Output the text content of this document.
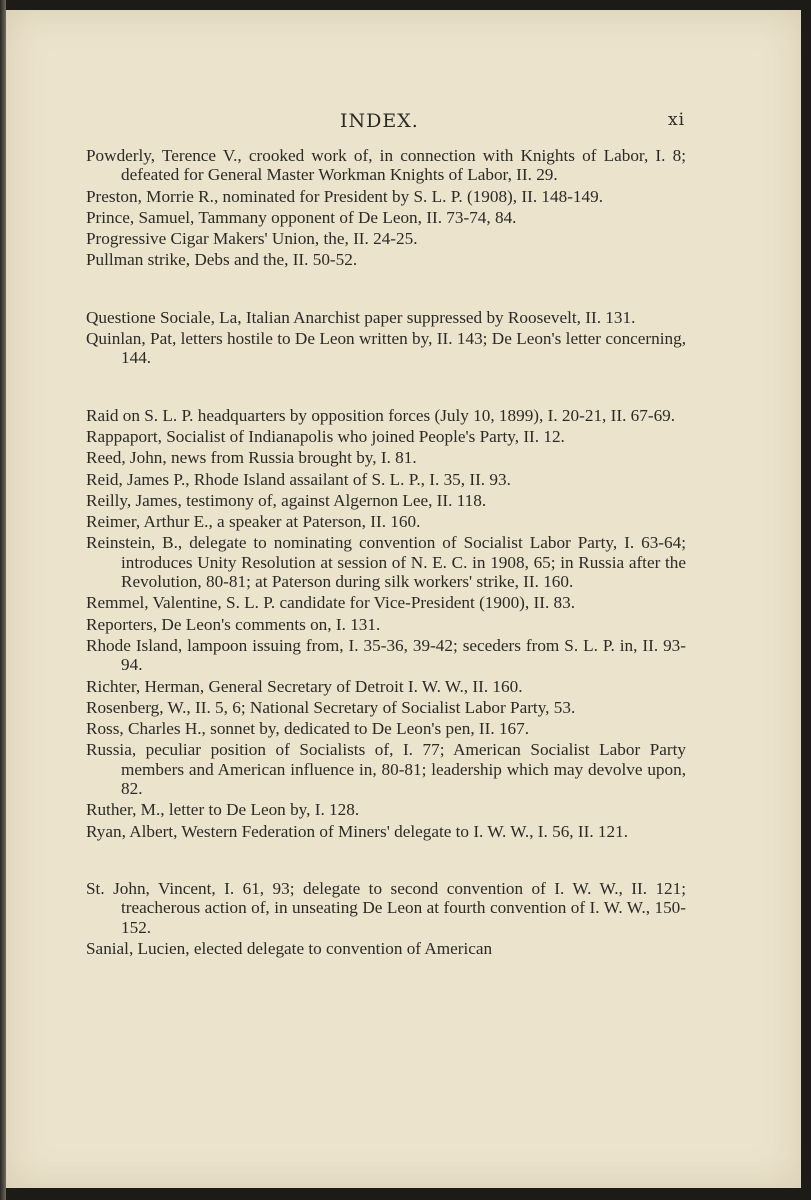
INDEX.	xi

Powderly, Terence V., crooked work of, in connection with Knights of Labor, I. 8; defeated for General Master Workman Knights of Labor, II. 29.

Preston, Morrie R., nominated for President by S. L. P. (1908), II. 148-149.

Prince, Samuel, Tammany opponent of De Leon, II. 73-74, 84.

Progressive Cigar Makers' Union, the, II. 24-25.

Pullman strike, Debs and the, II. 50-52.

Questione Sociale, La, Italian Anarchist paper suppressed by Roosevelt, II. 131.

Quinlan, Pat, letters hostile to De Leon written by, II. 143; De Leon's letter concerning, 144.

Raid on S. L. P. headquarters by opposition forces (July 10, 1899), I. 20-21, II. 67-69.

Rappaport, Socialist of Indianapolis who joined People's Party, II. 12.

Reed, John, news from Russia brought by, I. 81.

Reid, James P., Rhode Island assailant of S. L. P., I. 35, II. 93.

Reilly, James, testimony of, against Algernon Lee, II. 118.

Reimer, Arthur E., a speaker at Paterson, II. 160.

Reinstein, B., delegate to nominating convention of Socialist Labor Party, I. 63-64; introduces Unity Resolution at session of N. E. C. in 1908, 65; in Russia after the Revolution, 80-81; at Paterson during silk workers' strike, II. 160.

Remmel, Valentine, S. L. P. candidate for Vice-President (1900), II. 83.

Reporters, De Leon's comments on, I. 131.

Rhode Island, lampoon issuing from, I. 35-36, 39-42; seceders from S. L. P. in, II. 93-94.

Richter, Herman, General Secretary of Detroit I. W. W., II. 160.

Rosenberg, W., II. 5, 6; National Secretary of Socialist Labor Party, 53.

Ross, Charles H., sonnet by, dedicated to De Leon's pen, II. 167.

Russia, peculiar position of Socialists of, I. 77; American Socialist Labor Party members and American influence in, 80-81; leadership which may devolve upon, 82.

Ruther, M., letter to De Leon by, I. 128.

Ryan, Albert, Western Federation of Miners' delegate to I. W. W., I. 56, II. 121.

St. John, Vincent, I. 61, 93; delegate to second convention of I. W. W., II. 121; treacherous action of, in unseating De Leon at fourth convention of I. W. W., 150-152.

Sanial, Lucien, elected delegate to convention of American
